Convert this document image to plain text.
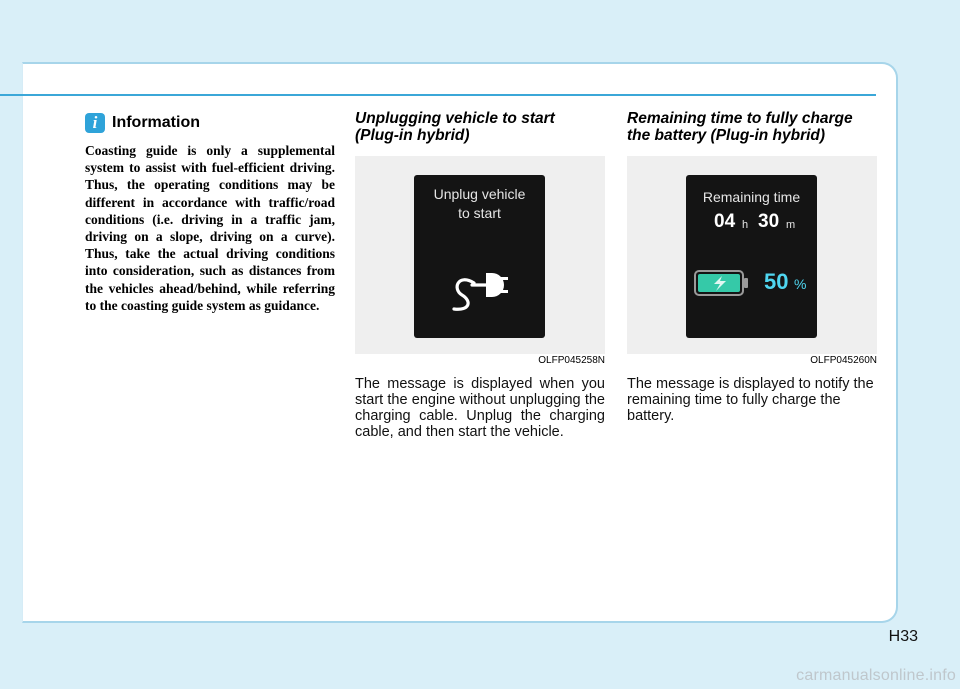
i Information

Coasting guide is only a supplemental system to assist with fuel-efficient driving. Thus, the operating conditions may be different in accordance with traffic/road conditions (i.e. driving in a traffic jam, driving on a slope, driving on a curve). Thus, take the actual driving conditions into consideration, such as distances from the vehicles ahead/behind, while referring to the coasting guide system as guidance.

Unplugging vehicle to start
(Plug-in hybrid)
Unplug vehicle
to start
OLFP045258N

The message is displayed when you start the engine without unplugging the charging cable. Unplug the charging cable, and then start the vehicle.

Remaining time to fully charge
the battery (Plug-in hybrid)
Remaining time
04 h 30 m
50 %
OLFP045260N

The message is displayed to notify the remaining time to fully charge the battery.

H33
carmanualsonline.info
